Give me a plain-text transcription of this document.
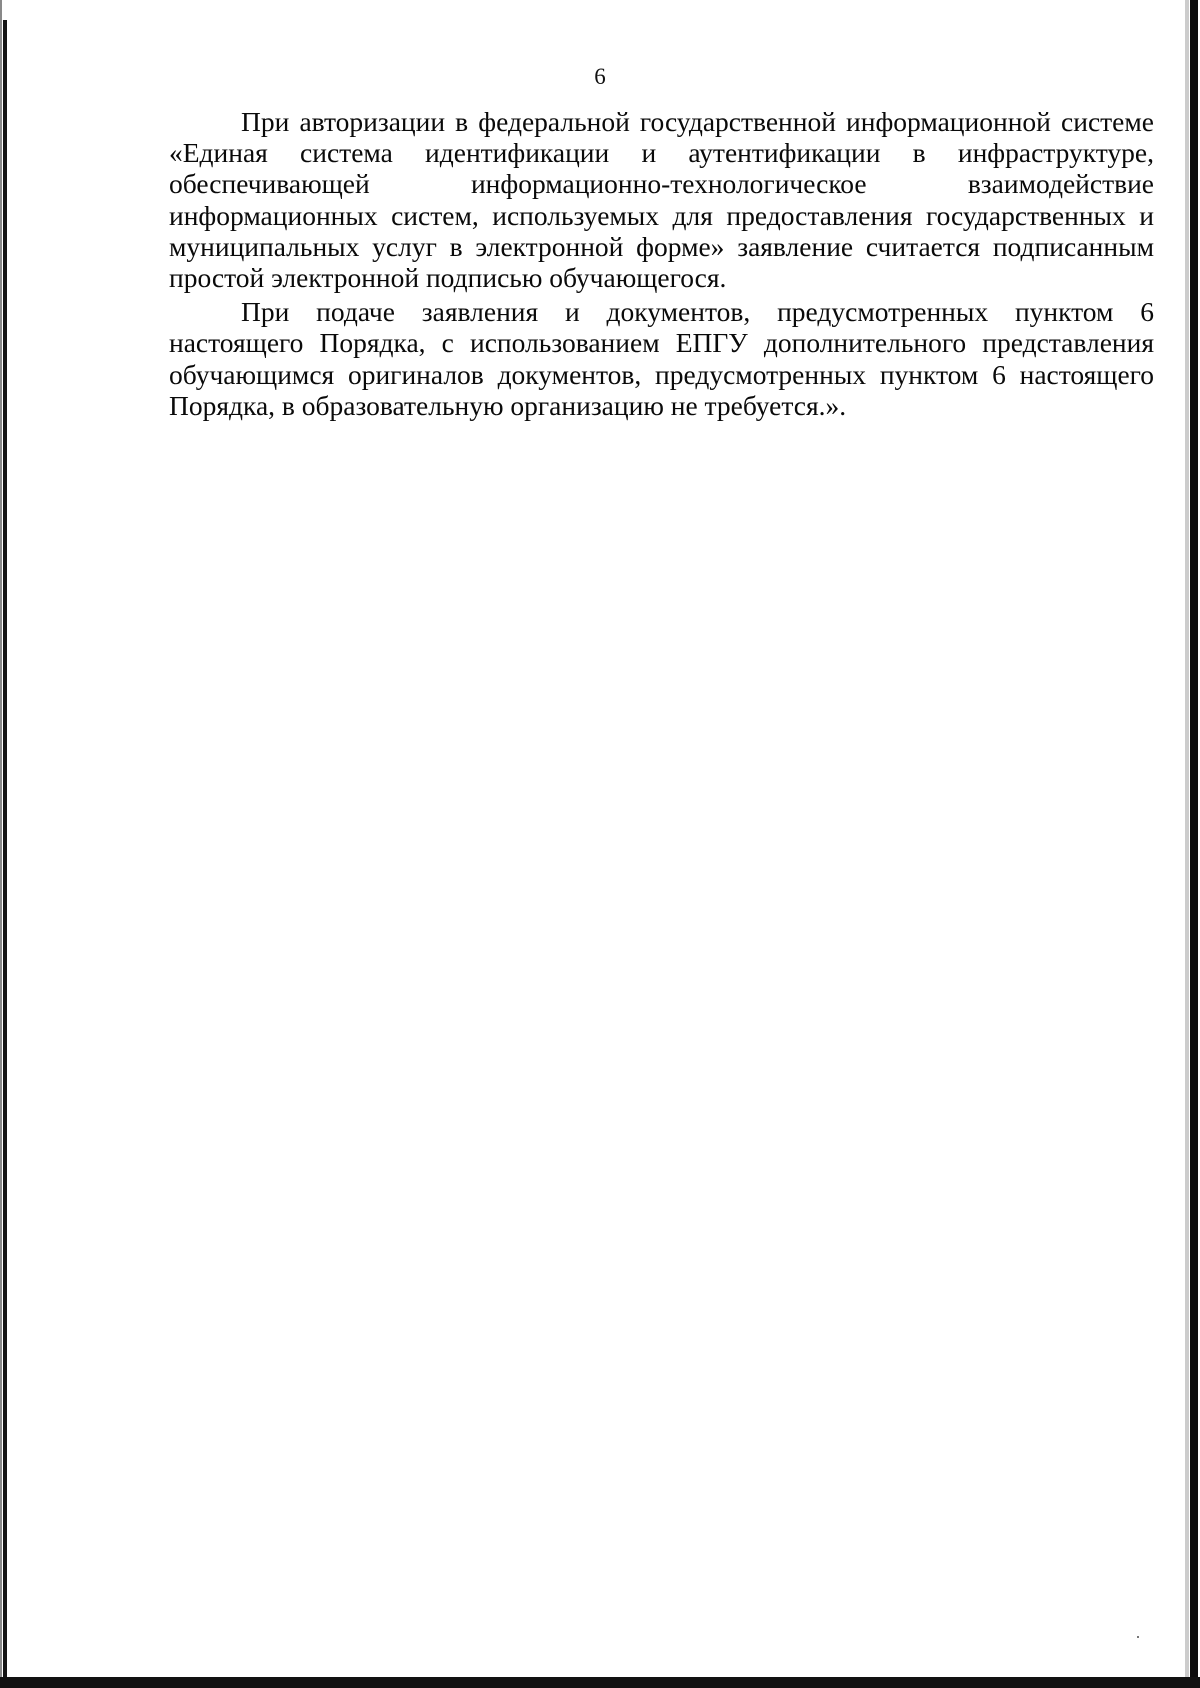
6

При авторизации в федеральной государственной информационной системе «Единая система идентификации и аутентификации в инфраструктуре, обеспечивающей информационно-технологическое взаимодействие информационных систем, используемых для предоставления государственных и муниципальных услуг в электронной форме» заявление считается подписанным простой электронной подписью обучающегося.

При подаче заявления и документов, предусмотренных пунктом 6 настоящего Порядка, с использованием ЕПГУ дополнительного представления обучающимся оригиналов документов, предусмотренных пунктом 6 настоящего Порядка, в образовательную организацию не требуется.».
